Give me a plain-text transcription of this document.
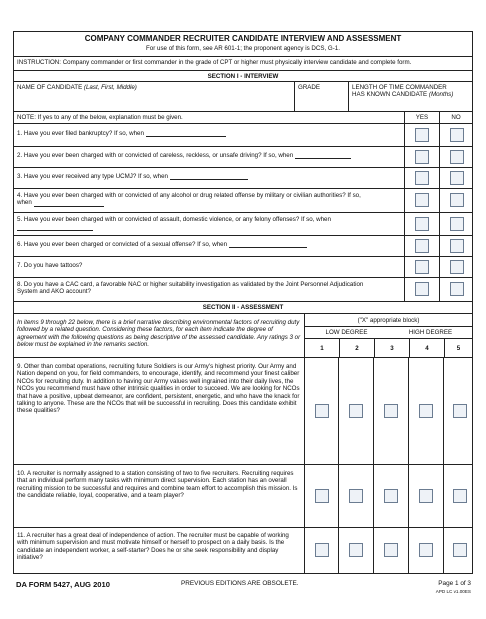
COMPANY COMMANDER RECRUITER CANDIDATE INTERVIEW AND ASSESSMENT
For use of this form, see AR 601-1; the proponent agency is DCS, G-1.
INSTRUCTION: Company commander or first commander in the grade of CPT or higher must physically interview candidate and complete form.
SECTION I - INTERVIEW
NAME OF CANDIDATE (Last, First, Middle)	GRADE	LENGTH OF TIME COMMANDER
HAS KNOWN CANDIDATE (Months)
NOTE: If yes to any of the below, explanation must be given.	YES	NO
1. Have you ever filed bankruptcy? If so, when
2. Have you ever been charged with or convicted of careless, reckless, or unsafe driving? If so, when
3. Have you ever received any type UCMJ? If so, when
4. Have you ever been charged with or convicted of any alcohol or drug related offense by military or civilian authorities? If so,
when
5. Have you ever been charged with or convicted of assault, domestic violence, or any felony offenses? If so, when
6. Have you ever been charged or convicted of a sexual offense? If so, when
7. Do you have tattoos?
8. Do you have a CAC card, a favorable NAC or higher suitability investigation as validated by the Joint Personnel Adjudication
System and AKO account?
SECTION II - ASSESSMENT
In items 9 through 22 below, there is a brief narrative describing environmental factors of recruiting duty followed by a related question. Considering these factors, for each item indicate the degree of agreement with the following questions as being descriptive of the assessed candidate. Any ratings 3 or below must be explained in the remarks section.
("X" appropriate block)
LOW DEGREE	HIGH DEGREE
1	2	3	4	5
9. Other than combat operations, recruiting future Soldiers is our Army's highest priority. Our Army and Nation depend on you, for field commanders, to encourage, identify, and recommend your finest caliber NCOs for recruiting duty. In addition to having our Army values well ingrained into their daily lives, the NCOs you recommend must have other intrinsic qualities in order to succeed. We are looking for NCOs that have a positive, upbeat demeanor, are confident, persistent, energetic, and who have the knack for talking to anyone. These are the NCOs that will be successful in recruiting. Does this candidate exhibit these qualities?
10. A recruiter is normally assigned to a station consisting of two to five recruiters. Recruiting requires that an individual perform many tasks with minimum direct supervision. Each station has an overall recruiting mission to be successful and requires and combine team effort to accomplish this mission. Is the candidate reliable, loyal, cooperative, and a team player?
11. A recruiter has a great deal of independence of action. The recruiter must be capable of working with minimum supervision and must motivate himself or herself to prospect on a daily basis. Is the candidate an independent worker, a self-starter? Does he or she seek responsibility and display initiative?
DA FORM 5427, AUG 2010	PREVIOUS EDITIONS ARE OBSOLETE.	Page 1 of 3
APD LC v1.00ES
